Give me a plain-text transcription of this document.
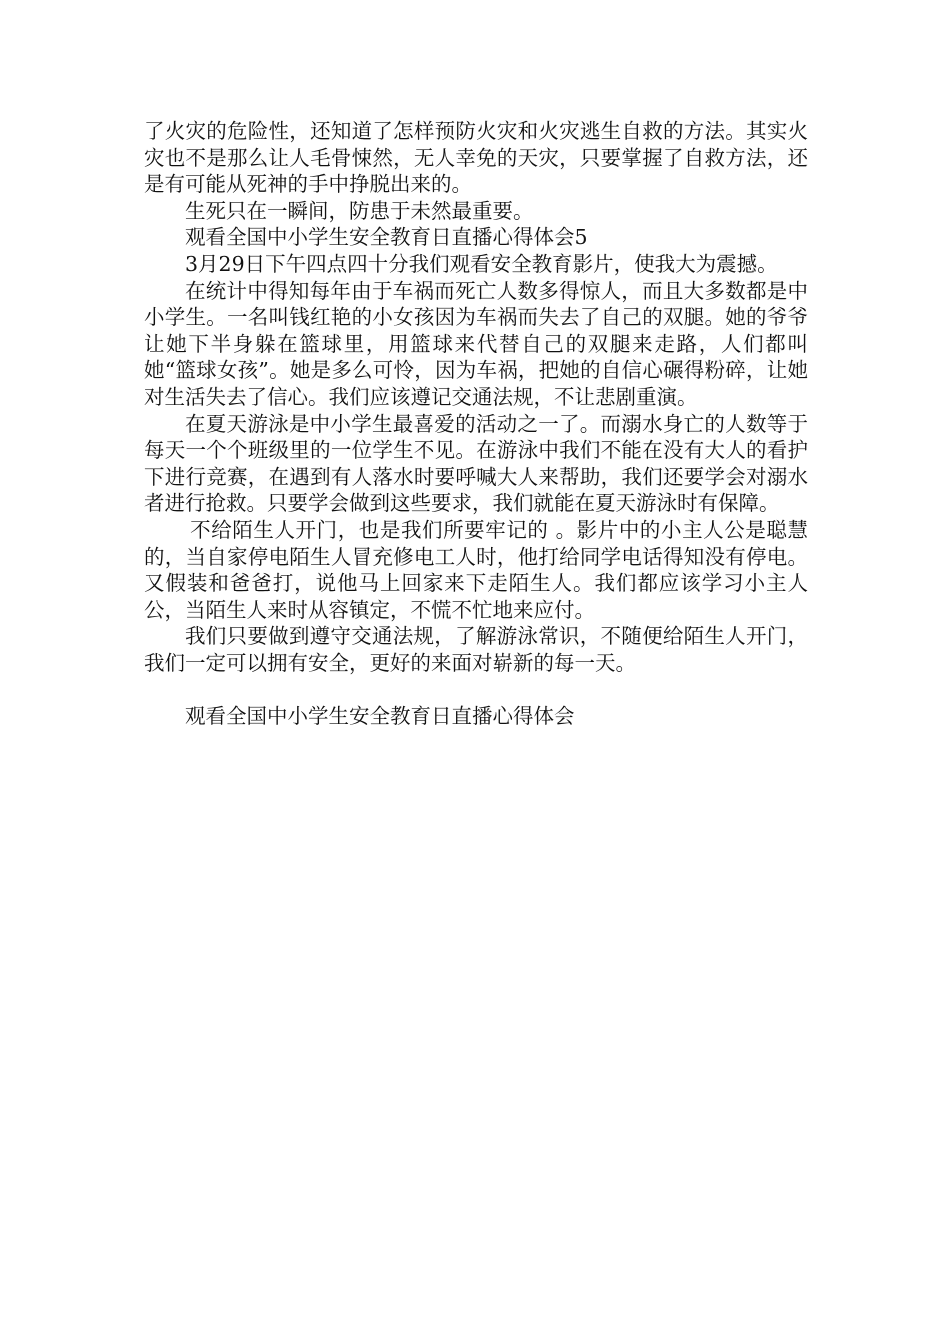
了火灾的危险性，还知道了怎样预防火灾和火灾逃生自救的方法。其实火灾也不是那么让人毛骨悚然，无人幸免的天灾，只要掌握了自救方法，还是有可能从死神的手中挣脱出来的。

生死只在一瞬间，防患于未然最重要。

观看全国中小学生安全教育日直播心得体会5

3月29日下午四点四十分我们观看安全教育影片，使我大为震撼。

在统计中得知每年由于车祸而死亡人数多得惊人，而且大多数都是中小学生。一名叫钱红艳的小女孩因为车祸而失去了自己的双腿。她的爷爷让她下半身躲在篮球里，用篮球来代替自己的双腿来走路，人们都叫她“篮球女孩”。她是多么可怜，因为车祸，把她的自信心碾得粉碎，让她对生活失去了信心。我们应该遵记交通法规，不让悲剧重演。

在夏天游泳是中小学生最喜爱的活动之一了。而溺水身亡的人数等于每天一个个班级里的一位学生不见。在游泳中我们不能在没有大人的看护下进行竞赛，在遇到有人落水时要呼喊大人来帮助，我们还要学会对溺水者进行抢救。只要学会做到这些要求，我们就能在夏天游泳时有保障。

不给陌生人开门，也是我们所要牢记的 。影片中的小主人公是聪慧的，当自家停电陌生人冒充修电工人时，他打给同学电话得知没有停电。又假装和爸爸打，说他马上回家来下走陌生人。我们都应该学习小主人公，当陌生人来时从容镇定，不慌不忙地来应付。

我们只要做到遵守交通法规，了解游泳常识，不随便给陌生人开门，我们一定可以拥有安全，更好的来面对崭新的每一天。

观看全国中小学生安全教育日直播心得体会
